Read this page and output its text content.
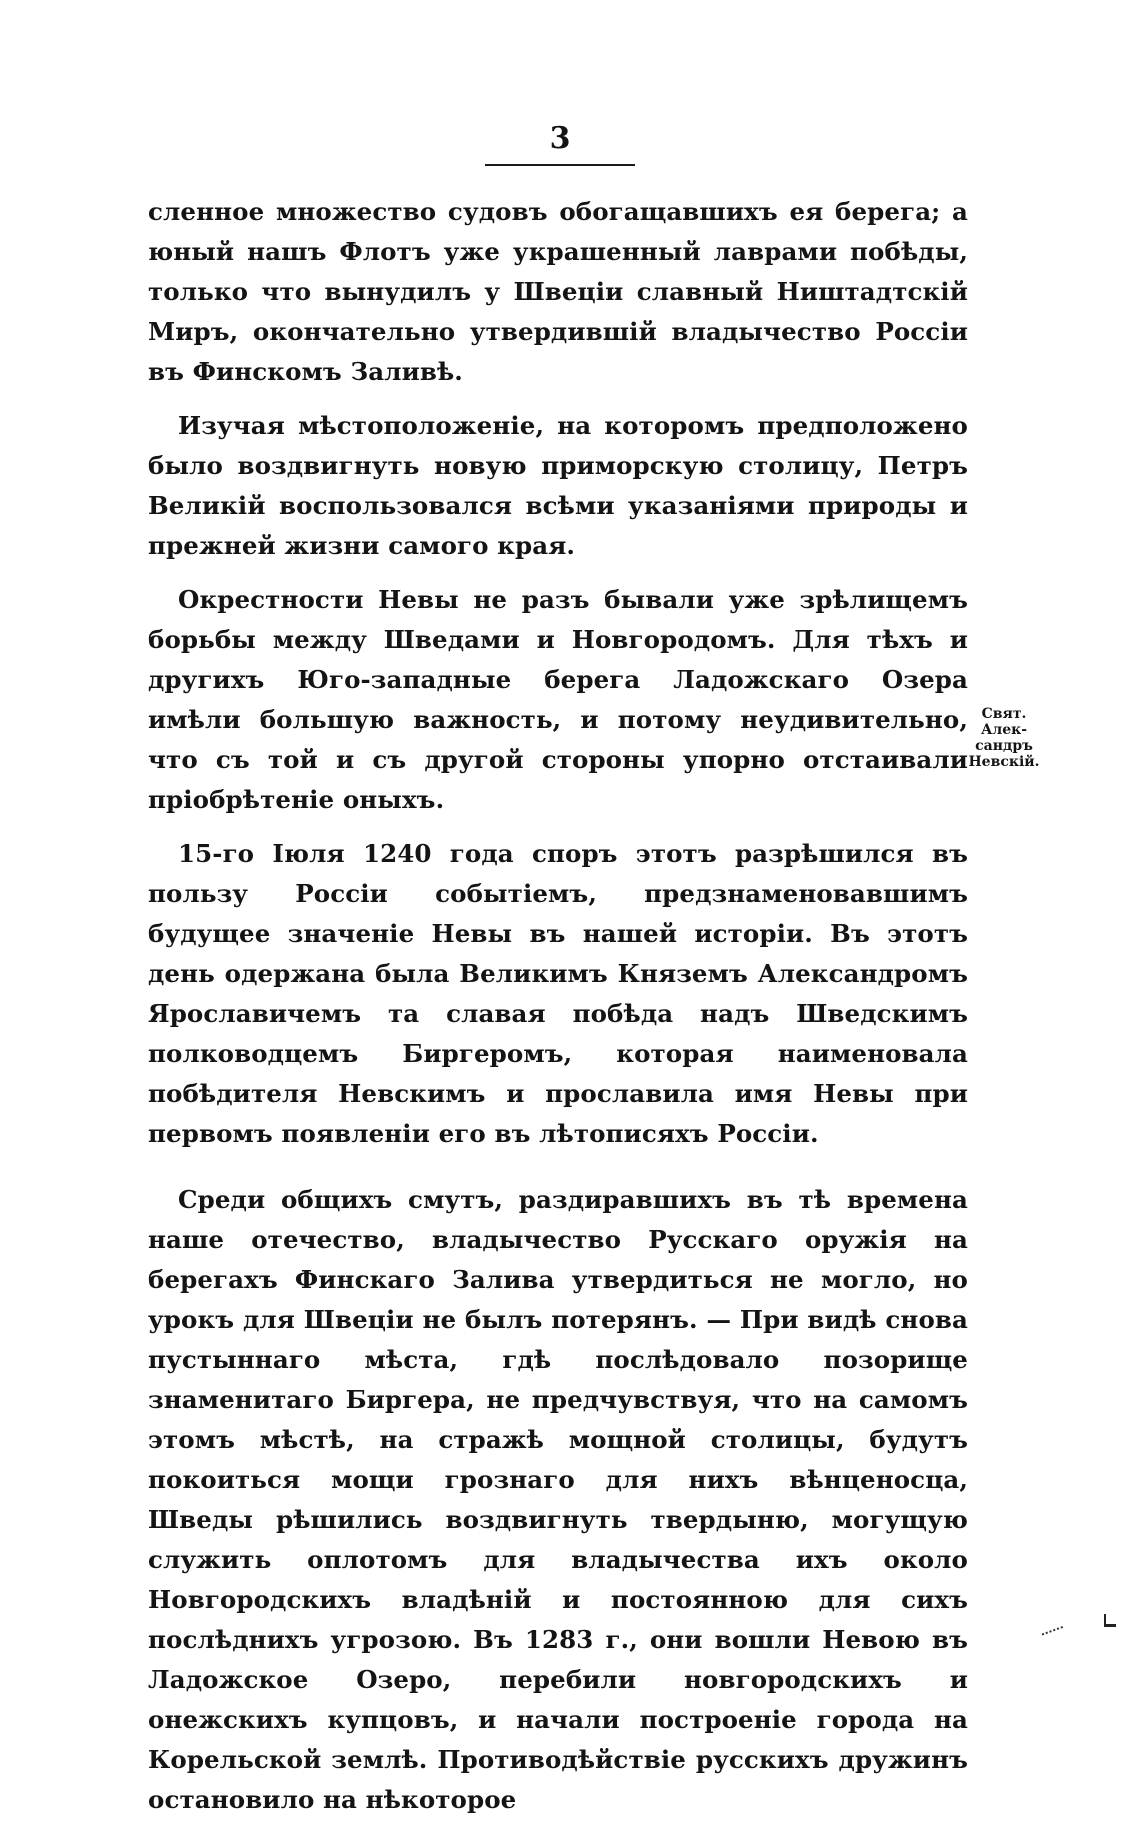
3

сленное множество судовъ обогащавшихъ ея берега; а юный нашъ Флотъ уже украшенный лаврами побѣды, только что вынудилъ у Швеціи славный Ништадтскій Миръ, окончательно утвердившій владычество Россіи въ Финскомъ Заливѣ.

Изучая мѣстоположеніе, на которомъ предположено было воздвигнуть новую приморскую столицу, Петръ Великій воспользовался всѣми указаніями природы и прежней жизни самого края.

Окрестности Невы не разъ бывали уже зрѣлищемъ борьбы между Шведами и Новгородомъ. Для тѣхъ и другихъ Юго-западные берега Ладожскаго Озера имѣли большую важность, и потому неудивительно, что съ той и съ другой стороны упорно отстаивали пріобрѣтеніе оныхъ.

15-го Іюля 1240 года споръ этотъ разрѣшился въ пользу Россіи событіемъ, предзнаменовавшимъ будущее значеніе Невы въ нашей исторіи. Въ этотъ день одержана была Великимъ Княземъ Александромъ Ярославичемъ та славая побѣда надъ Шведскимъ полководцемъ Биргеромъ, которая наименовала побѣдителя Невскимъ и прославила имя Невы при первомъ появленіи его въ лѣтописяхъ Россіи.

Среди общихъ смутъ, раздиравшихъ въ тѣ времена наше отечество, владычество Русскаго оружія на берегахъ Финскаго Залива утвердиться не могло, но урокъ для Швеціи не былъ потерянъ. — При видѣ снова пустыннаго мѣста, гдѣ послѣдовало позорище знаменитаго Биргера, не предчувствуя, что на самомъ этомъ мѣстѣ, на стражѣ мощной столицы, будутъ покоиться мощи грознаго для нихъ вѣнценосца, Шведы рѣшились воздвигнуть твердыню, могущую служить оплотомъ для владычества ихъ около Новгородскихъ владѣній и постоянною для сихъ послѣднихъ угрозою. Въ 1283 г., они вошли Невою въ Ладожское Озеро, перебили новгородскихъ и онежскихъ купцовъ, и начали построеніе города на Корельской землѣ. Противодѣйствіе русскихъ дружинъ остановило на нѣкоторое

Свят.
Алек-
сандръ
Невскій.
